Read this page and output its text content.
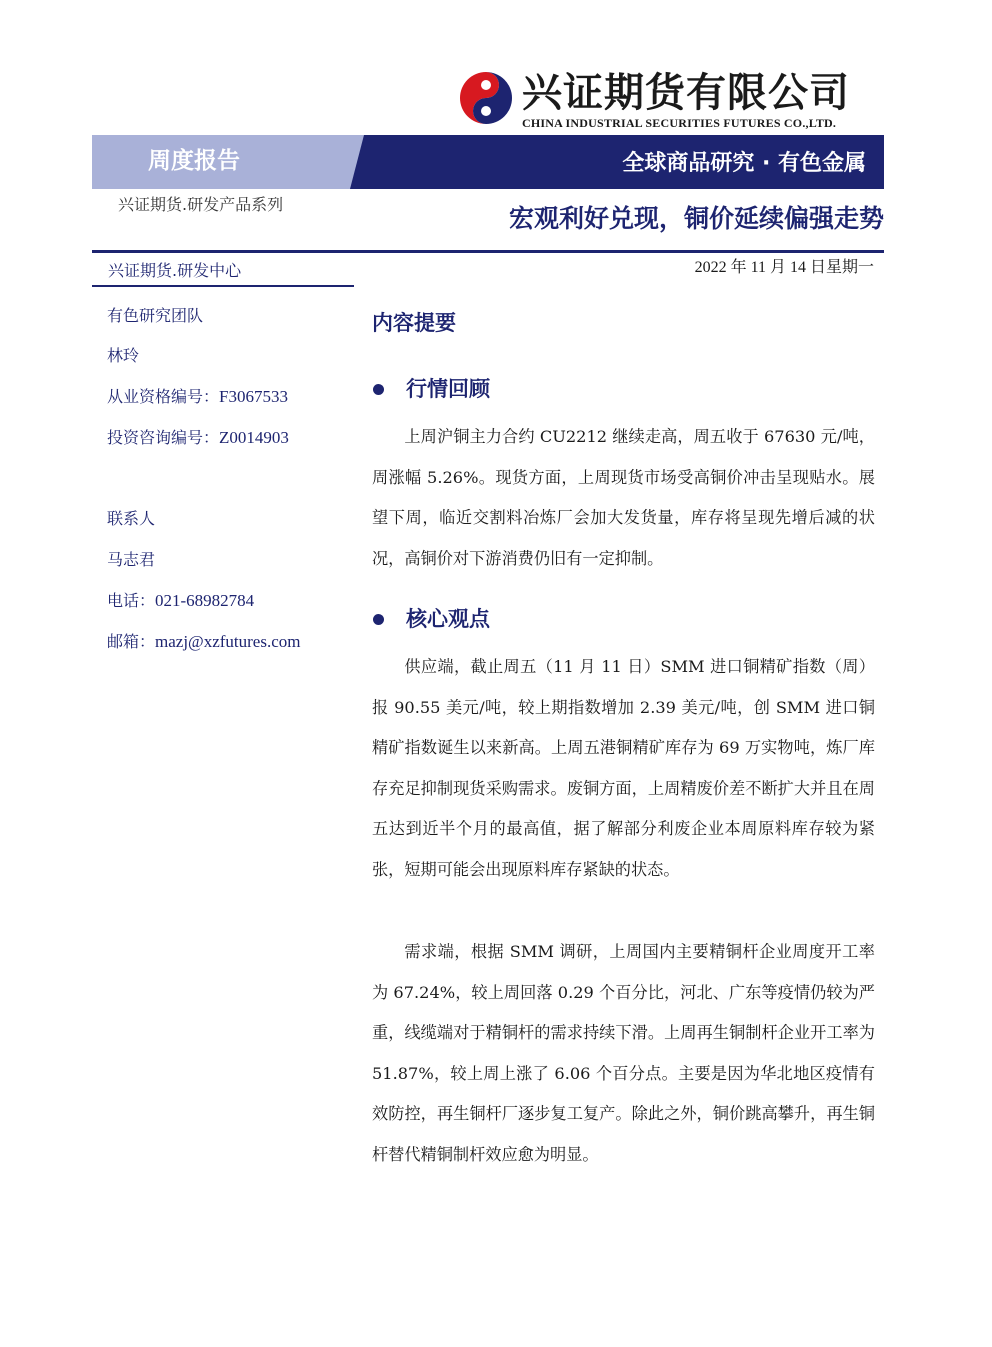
兴证期货有限公司
CHINA INDUSTRIAL SECURITIES FUTURES CO.,LTD.
周度报告	全球商品研究 · 有色金属
兴证期货.研发产品系列	宏观利好兑现，铜价延续偏强走势
兴证期货.研发中心
有色研究团队
林玲
从业资格编号：F3067533
投资咨询编号：Z0014903
联系人
马志君
电话：021-68982784
邮箱：mazj@xzfutures.com
2022 年 11 月 14 日星期一
内容提要
行情回顾

上周沪铜主力合约 CU2212 继续走高，周五收于 67630 元/吨，周涨幅 5.26%。现货方面，上周现货市场受高铜价冲击呈现贴水。展望下周，临近交割料冶炼厂会加大发货量，库存将呈现先增后减的状况，高铜价对下游消费仍旧有一定抑制。

核心观点

供应端，截止周五（11 月 11 日）SMM 进口铜精矿指数（周）报 90.55 美元/吨，较上期指数增加 2.39 美元/吨，创 SMM 进口铜精矿指数诞生以来新高。上周五港铜精矿库存为 69 万实物吨，炼厂库存充足抑制现货采购需求。废铜方面，上周精废价差不断扩大并且在周五达到近半个月的最高值，据了解部分利废企业本周原料库存较为紧张，短期可能会出现原料库存紧缺的状态。

需求端，根据 SMM 调研，上周国内主要精铜杆企业周度开工率为 67.24%，较上周回落 0.29 个百分比，河北、广东等疫情仍较为严重，线缆端对于精铜杆的需求持续下滑。上周再生铜制杆企业开工率为 51.87%，较上周上涨了 6.06 个百分点。主要是因为华北地区疫情有效防控，再生铜杆厂逐步复工复产。除此之外，铜价跳高攀升，再生铜杆替代精铜制杆效应愈为明显。
